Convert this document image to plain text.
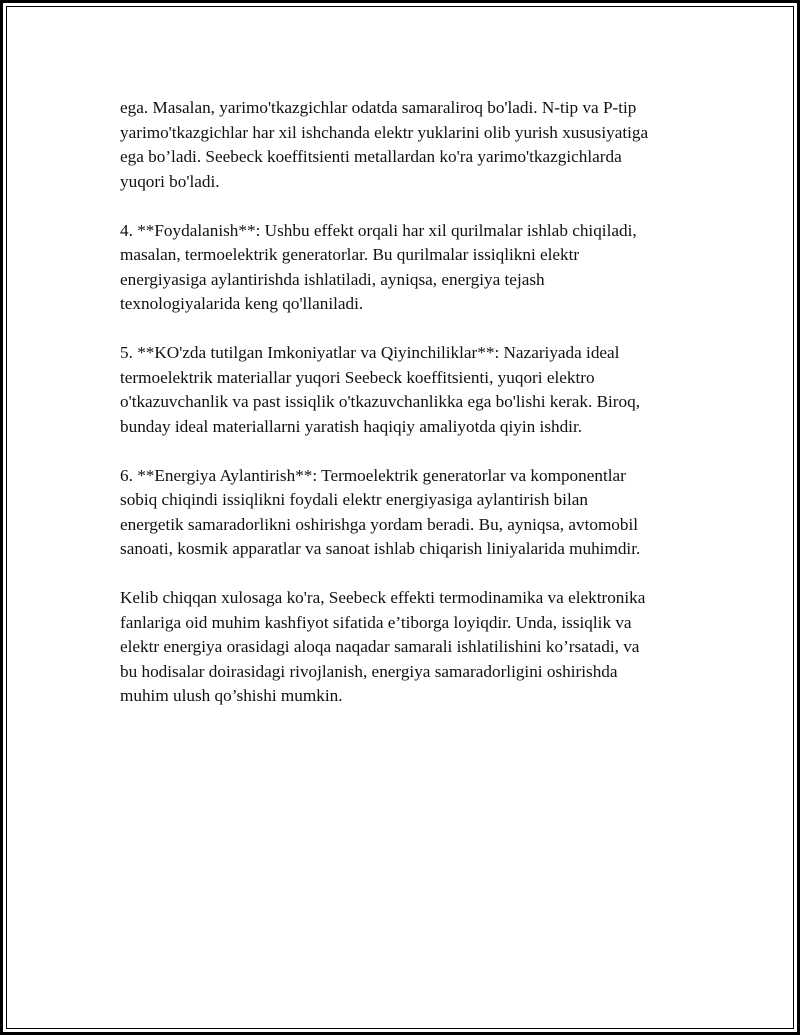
ega. Masalan, yarimo'tkazgichlar odatda samaraliroq bo'ladi. N-tip va P-tip
yarimo'tkazgichlar har xil ishchanda elektr yuklarini olib yurish xususiyatiga
ega bo’ladi. Seebeck koeffitsienti metallardan ko'ra yarimo'tkazgichlarda
yuqori bo'ladi.

4. **Foydalanish**: Ushbu effekt orqali har xil qurilmalar ishlab chiqiladi,
masalan, termoelektrik generatorlar. Bu qurilmalar issiqlikni elektr
energiyasiga aylantirishda ishlatiladi, ayniqsa, energiya tejash
texnologiyalarida keng qo'llaniladi.

5. **KO'zda tutilgan Imkoniyatlar va Qiyinchiliklar**: Nazariyada ideal
termoelektrik materiallar yuqori Seebeck koeffitsienti, yuqori elektro
o'tkazuvchanlik va past issiqlik o'tkazuvchanlikka ega bo'lishi kerak. Biroq,
bunday ideal materiallarni yaratish haqiqiy amaliyotda qiyin ishdir.

6. **Energiya Aylantirish**: Termoelektrik generatorlar va komponentlar
sobiq chiqindi issiqlikni foydali elektr energiyasiga aylantirish bilan
energetik samaradorlikni oshirishga yordam beradi. Bu, ayniqsa, avtomobil
sanoati, kosmik apparatlar va sanoat ishlab chiqarish liniyalarida muhimdir.

Kelib chiqqan xulosaga ko'ra, Seebeck effekti termodinamika va elektronika
fanlariga oid muhim kashfiyot sifatida e’tiborga loyiqdir. Unda, issiqlik va
elektr energiya orasidagi aloqa naqadar samarali ishlatilishini ko’rsatadi, va
bu hodisalar doirasidagi rivojlanish, energiya samaradorligini oshirishda
muhim ulush qo’shishi mumkin.
